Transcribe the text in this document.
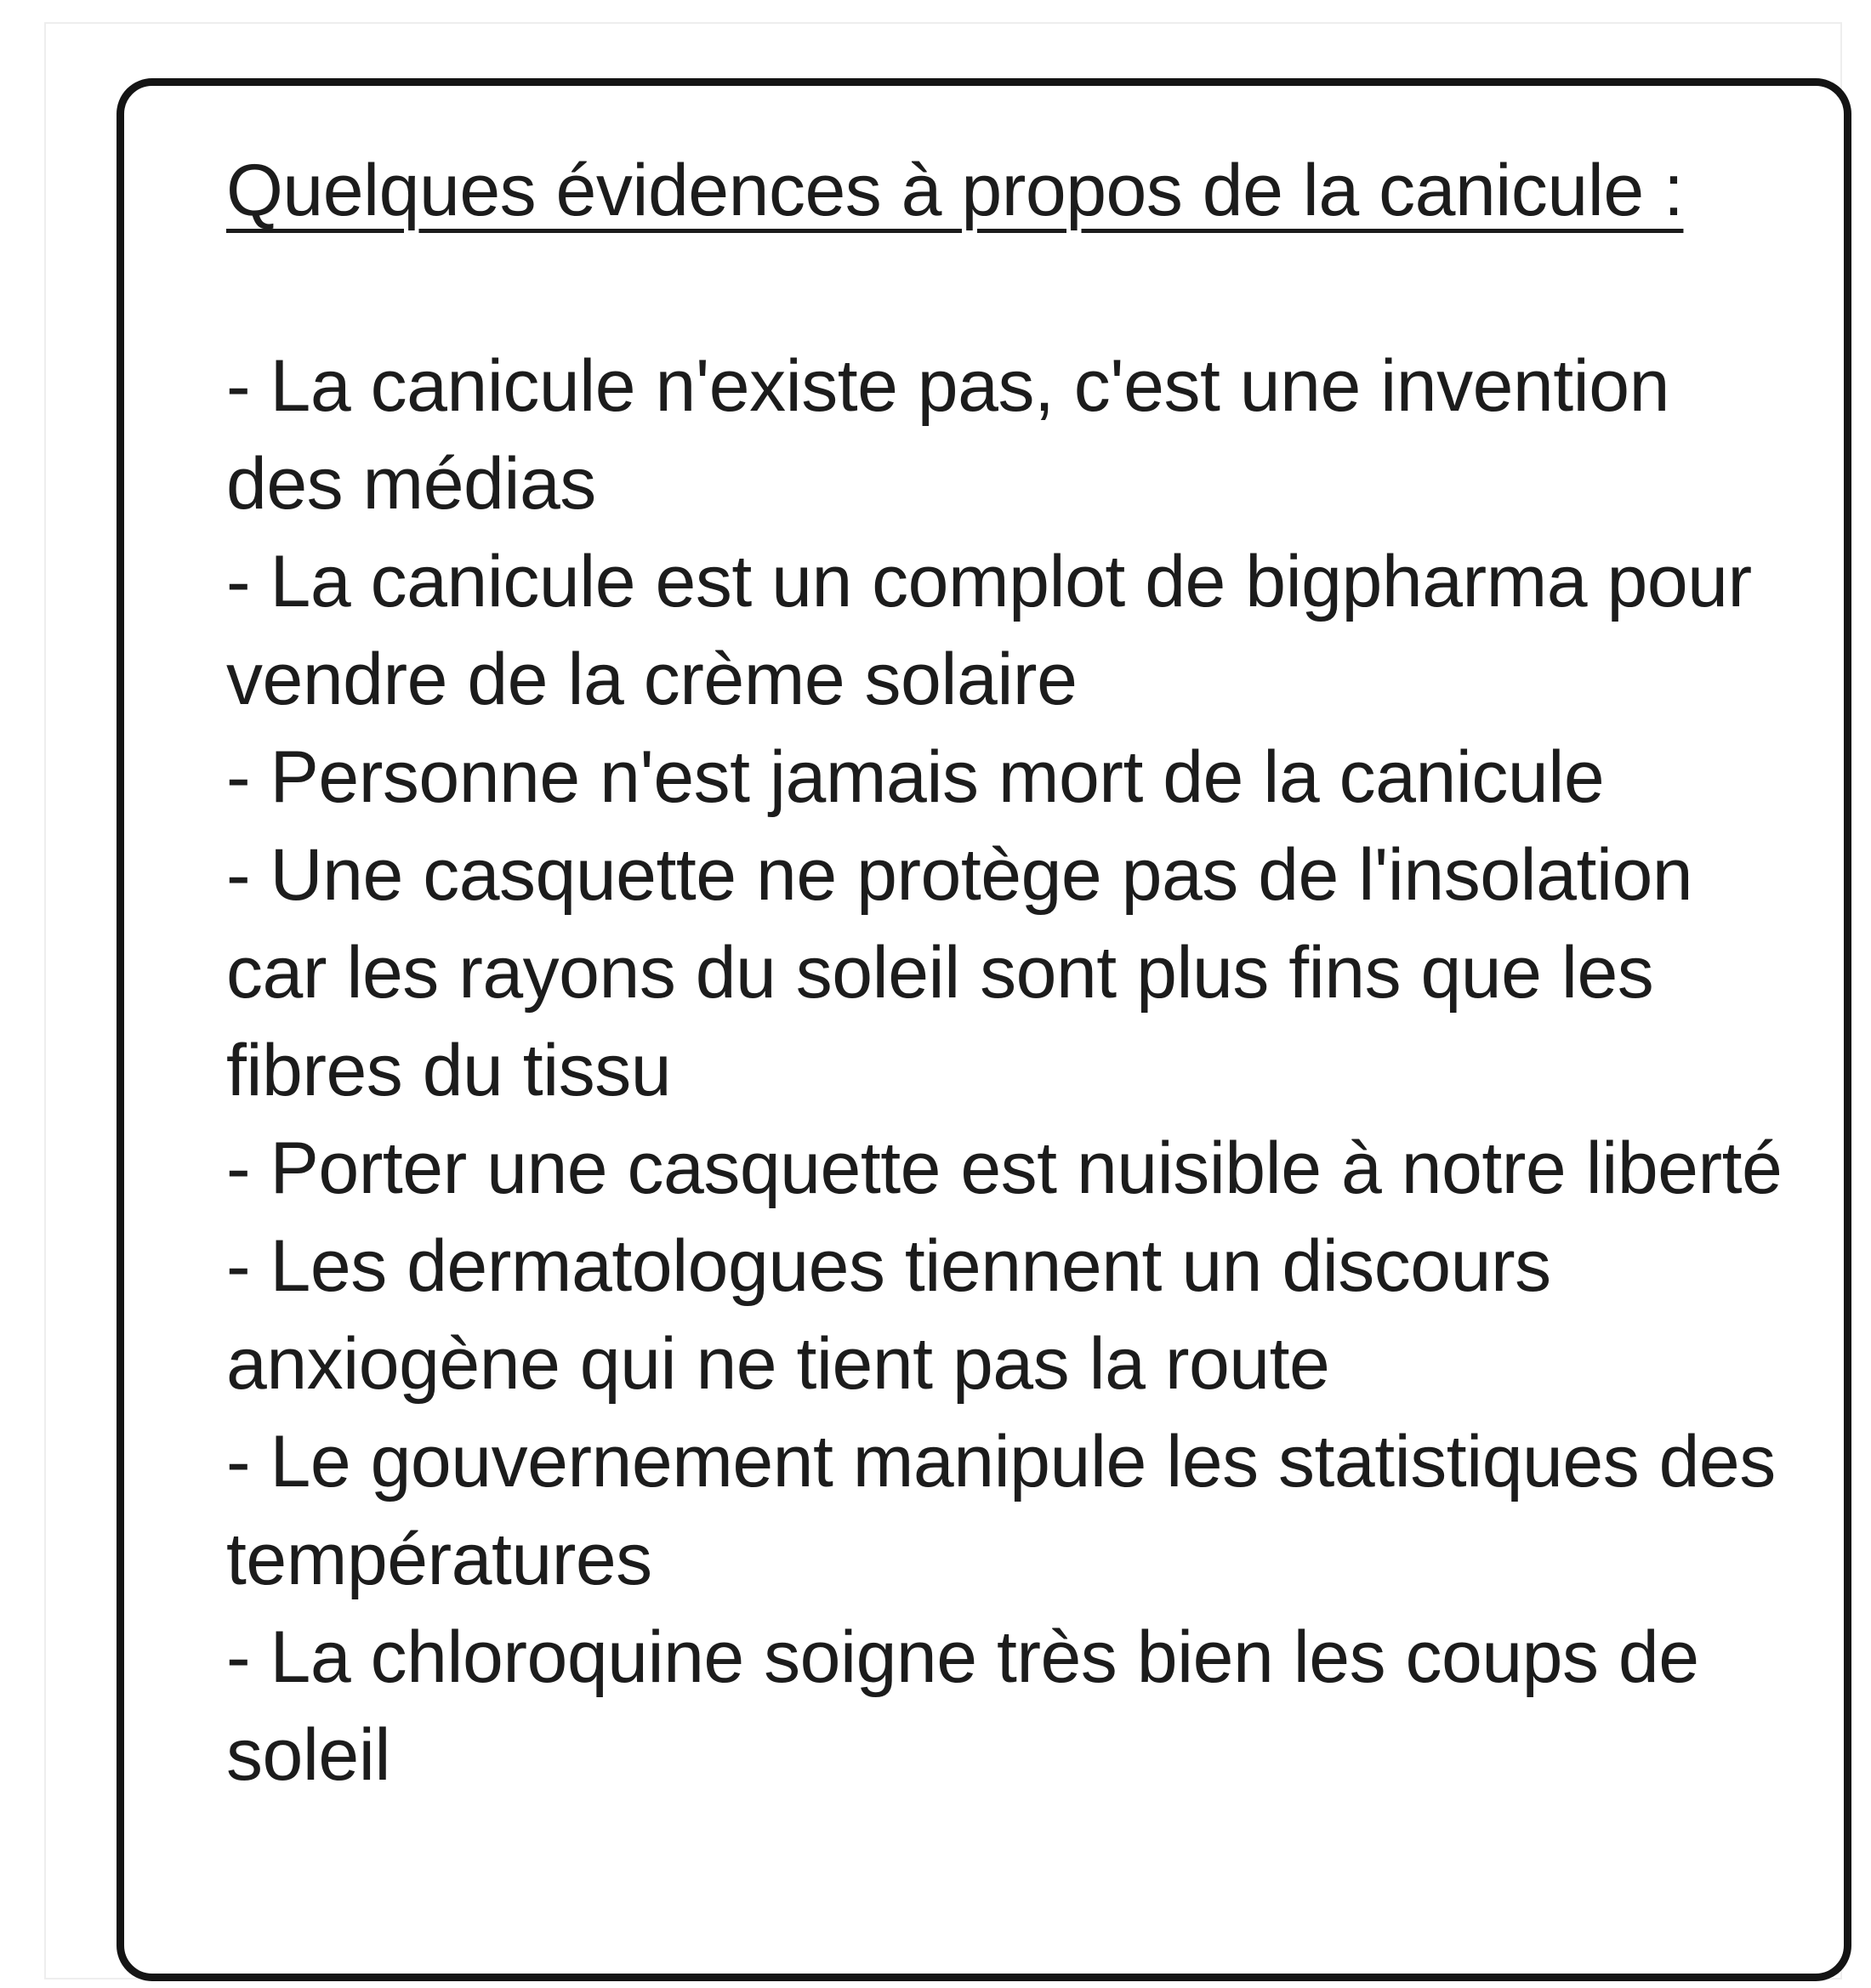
Quelques évidences à propos de la canicule :
- La canicule n'existe pas, c'est une invention des médias
- La canicule est un complot de bigpharma pour vendre de la crème solaire
- Personne n'est jamais mort de la canicule
- Une casquette ne protège pas de l'insolation car les rayons du soleil sont plus fins que les fibres du tissu
- Porter une casquette est nuisible à notre liberté
- Les dermatologues tiennent un discours anxiogène qui ne tient pas la route
- Le gouvernement manipule les statistiques des températures
- La chloroquine soigne très bien les coups de soleil
